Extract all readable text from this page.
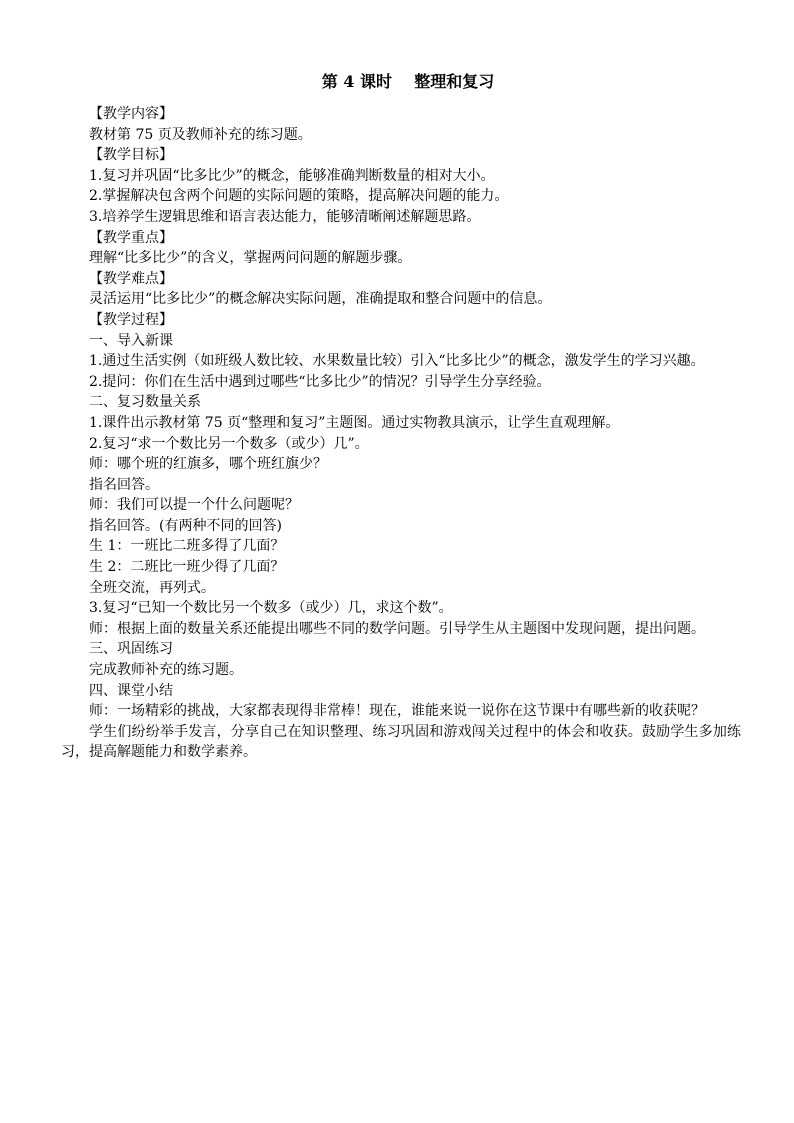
第 4 课时    整理和复习

【教学内容】

教材第 75 页及教师补充的练习题。

【教学目标】

1.复习并巩固“比多比少”的概念，能够准确判断数量的相对大小。

2.掌握解决包含两个问题的实际问题的策略，提高解决问题的能力。

3.培养学生逻辑思维和语言表达能力，能够清晰阐述解题思路。

【教学重点】

理解“比多比少”的含义，掌握两问问题的解题步骤。

【教学难点】

灵活运用“比多比少”的概念解决实际问题，准确提取和整合问题中的信息。

【教学过程】

一、导入新课

1.通过生活实例（如班级人数比较、水果数量比较）引入“比多比少”的概念，激发学生的学习兴趣。

2.提问：你们在生活中遇到过哪些“比多比少”的情况？引导学生分享经验。

二、复习数量关系

1.课件出示教材第 75 页“整理和复习”主题图。通过实物教具演示，让学生直观理解。

2.复习“求一个数比另一个数多（或少）几”。

师：哪个班的红旗多，哪个班红旗少？

指名回答。

师：我们可以提一个什么问题呢？

指名回答。(有两种不同的回答)

生 1：一班比二班多得了几面？

生 2：二班比一班少得了几面？

全班交流，再列式。

3.复习“已知一个数比另一个数多（或少）几，求这个数”。

师：根据上面的数量关系还能提出哪些不同的数学问题。引导学生从主题图中发现问题，提出问题。

三、巩固练习

完成教师补充的练习题。

四、课堂小结

师：一场精彩的挑战，大家都表现得非常棒！现在，谁能来说一说你在这节课中有哪些新的收获呢？

学生们纷纷举手发言，分享自己在知识整理、练习巩固和游戏闯关过程中的体会和收获。鼓励学生多加练习，提高解题能力和数学素养。
